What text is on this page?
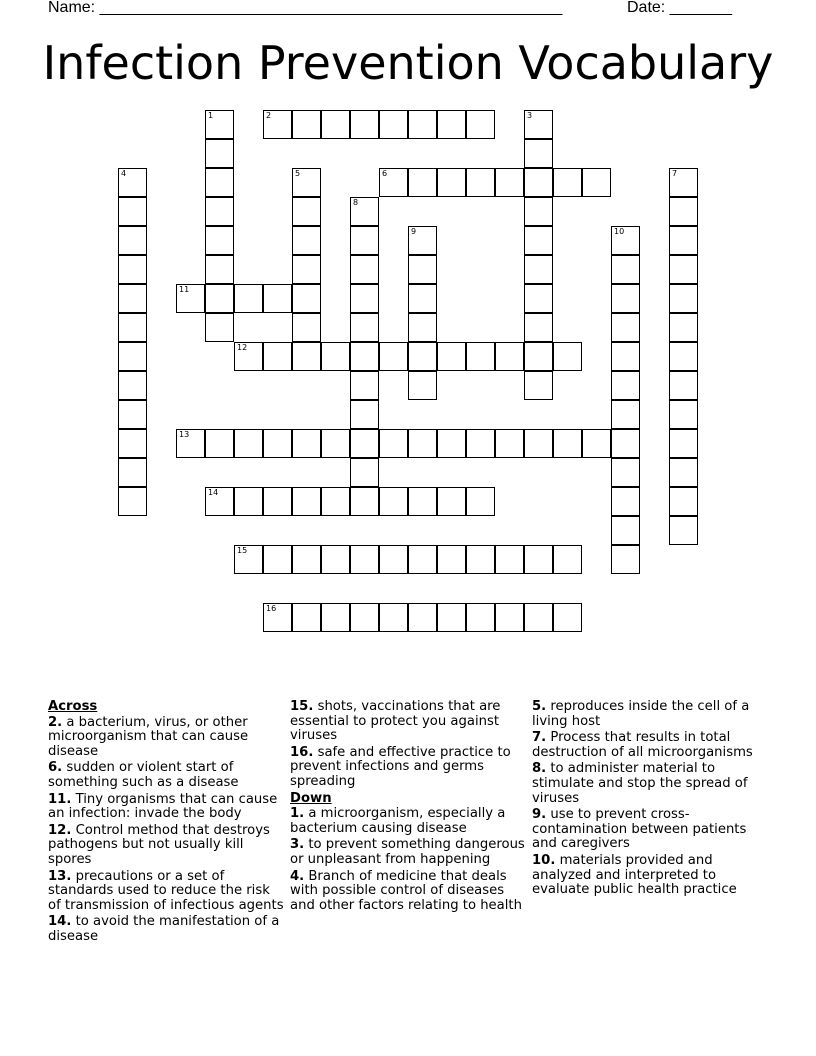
Name: ____________________________________________________	Date: _______
Infection Prevention Vocabulary
1	2	3
4	5	6	7
8
9	10
11
12
13
14
15
16
Across
2. a bacterium, virus, or other microorganism that can cause disease
6. sudden or violent start of something such as a disease
11. Tiny organisms that can cause an infection: invade the body
12. Control method that destroys pathogens but not usually kill spores
13. precautions or a set of standards used to reduce the risk of transmission of infectious agents
14. to avoid the manifestation of a disease
15. shots, vaccinations that are essential to protect you against viruses
16. safe and effective practice to prevent infections and germs spreading
Down
1. a microorganism, especially a bacterium causing disease
3. to prevent something dangerous or unpleasant from happening
4. Branch of medicine that deals with possible control of diseases and other factors relating to health
5. reproduces inside the cell of a living host
7. Process that results in total destruction of all microorganisms
8. to administer material to stimulate and stop the spread of viruses
9. use to prevent cross-contamination between patients and caregivers
10. materials provided and analyzed and interpreted to evaluate public health practice
